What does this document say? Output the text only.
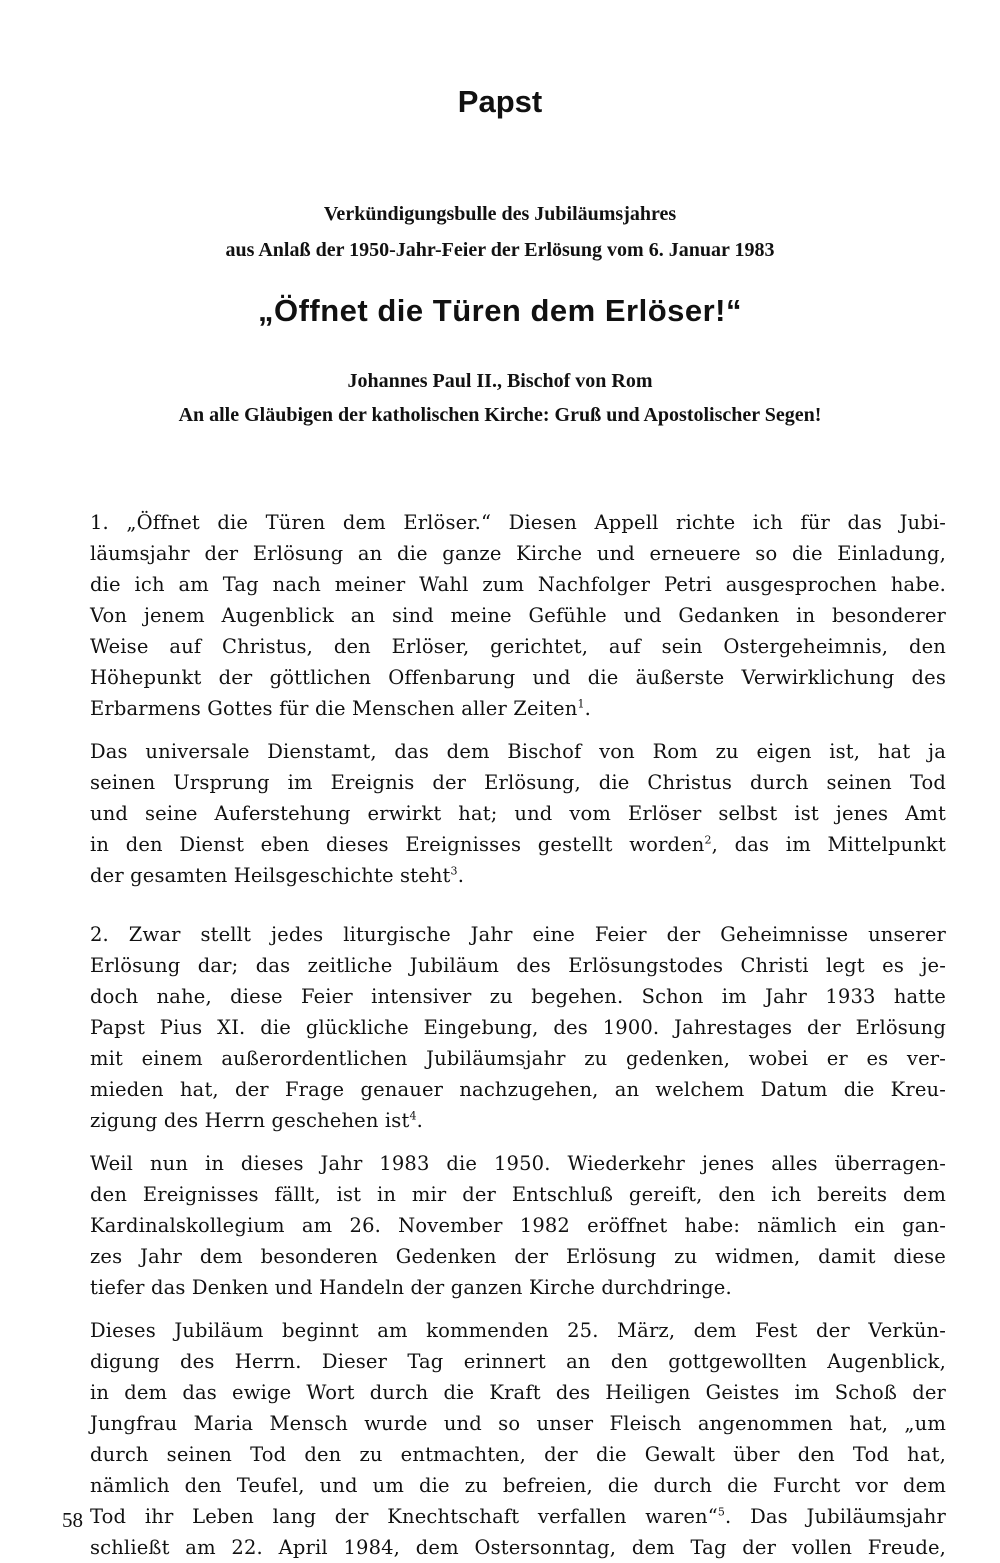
Papst
Verkündigungsbulle des Jubiläumsjahres
aus Anlaß der 1950-Jahr-Feier der Erlösung vom 6. Januar 1983
„Öffnet die Türen dem Erlöser!“
Johannes Paul II., Bischof von Rom
An alle Gläubigen der katholischen Kirche: Gruß und Apostolischer Segen!

1. „Öffnet die Türen dem Erlöser.“ Diesen Appell richte ich für das Jubi-
läumsjahr der Erlösung an die ganze Kirche und erneuere so die Einladung,
die ich am Tag nach meiner Wahl zum Nachfolger Petri ausgesprochen habe.
Von jenem Augenblick an sind meine Gefühle und Gedanken in besonderer
Weise auf Christus, den Erlöser, gerichtet, auf sein Ostergeheimnis, den
Höhepunkt der göttlichen Offenbarung und die äußerste Verwirklichung des
Erbarmens Gottes für die Menschen aller Zeiten$^1$.

Das universale Dienstamt, das dem Bischof von Rom zu eigen ist, hat ja
seinen Ursprung im Ereignis der Erlösung, die Christus durch seinen Tod
und seine Auferstehung erwirkt hat; und vom Erlöser selbst ist jenes Amt
in den Dienst eben dieses Ereignisses gestellt worden$^2$, das im Mittelpunkt
der gesamten Heilsgeschichte steht$^3$.

2. Zwar stellt jedes liturgische Jahr eine Feier der Geheimnisse unserer
Erlösung dar; das zeitliche Jubiläum des Erlösungstodes Christi legt es je-
doch nahe, diese Feier intensiver zu begehen. Schon im Jahr 1933 hatte
Papst Pius XI. die glückliche Eingebung, des 1900. Jahrestages der Erlösung
mit einem außerordentlichen Jubiläumsjahr zu gedenken, wobei er es ver-
mieden hat, der Frage genauer nachzugehen, an welchem Datum die Kreu-
zigung des Herrn geschehen ist$^4$.

Weil nun in dieses Jahr 1983 die 1950. Wiederkehr jenes alles überragen-
den Ereignisses fällt, ist in mir der Entschluß gereift, den ich bereits dem
Kardinalskollegium am 26. November 1982 eröffnet habe: nämlich ein gan-
zes Jahr dem besonderen Gedenken der Erlösung zu widmen, damit diese
tiefer das Denken und Handeln der ganzen Kirche durchdringe.

Dieses Jubiläum beginnt am kommenden 25. März, dem Fest der Verkün-
digung des Herrn. Dieser Tag erinnert an den gottgewollten Augenblick,
in dem das ewige Wort durch die Kraft des Heiligen Geistes im Schoß der
Jungfrau Maria Mensch wurde und so unser Fleisch angenommen hat, „um
durch seinen Tod den zu entmachten, der die Gewalt über den Tod hat,
nämlich den Teufel, und um die zu befreien, die durch die Furcht vor dem
Tod ihr Leben lang der Knechtschaft verfallen waren“$^5$. Das Jubiläumsjahr
schließt am 22. April 1984, dem Ostersonntag, dem Tag der vollen Freude,

58
